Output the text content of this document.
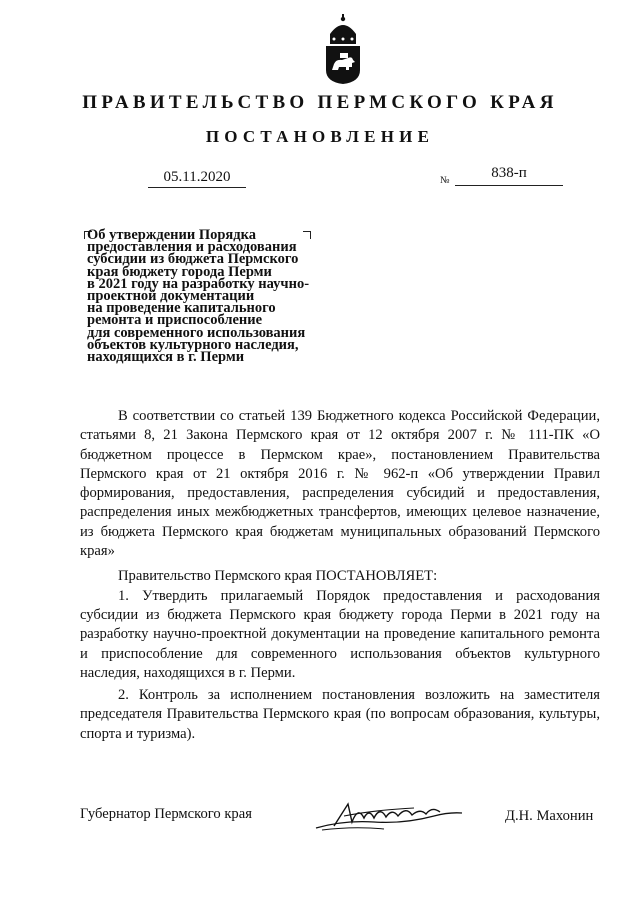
ПРАВИТЕЛЬСТВО ПЕРМСКОГО КРАЯ
ПОСТАНОВЛЕНИЕ
05.11.2020	№	838-п
Об утверждении Порядка
предоставления и расходования
субсидии из бюджета Пермского
края бюджету города Перми
в 2021 году на разработку научно-
проектной документации
на проведение капитального
ремонта и приспособление
для современного использования
объектов культурного наследия,
находящихся в г. Перми

В соответствии со статьей 139 Бюджетного кодекса Российской Федерации, статьями 8, 21 Закона Пермского края от 12 октября 2007 г. № 111-ПК «О бюджетном процессе в Пермском крае», постановлением Правительства Пермского края от 21 октября 2016 г. № 962-п «Об утверждении Правил формирования, предоставления, распределения субсидий и предоставления, распределения иных межбюджетных трансфертов, имеющих целевое назначение, из бюджета Пермского края бюджетам муниципальных образований Пермского края»

Правительство Пермского края ПОСТАНОВЛЯЕТ:

1. Утвердить прилагаемый Порядок предоставления и расходования субсидии из бюджета Пермского края бюджету города Перми в 2021 году на разработку научно-проектной документации на проведение капитального ремонта и приспособление для современного использования объектов культурного наследия, находящихся в г. Перми.

2. Контроль за исполнением постановления возложить на заместителя председателя Правительства Пермского края (по вопросам образования, культуры, спорта и туризма).

Губернатор Пермского края	Д.Н. Махонин
